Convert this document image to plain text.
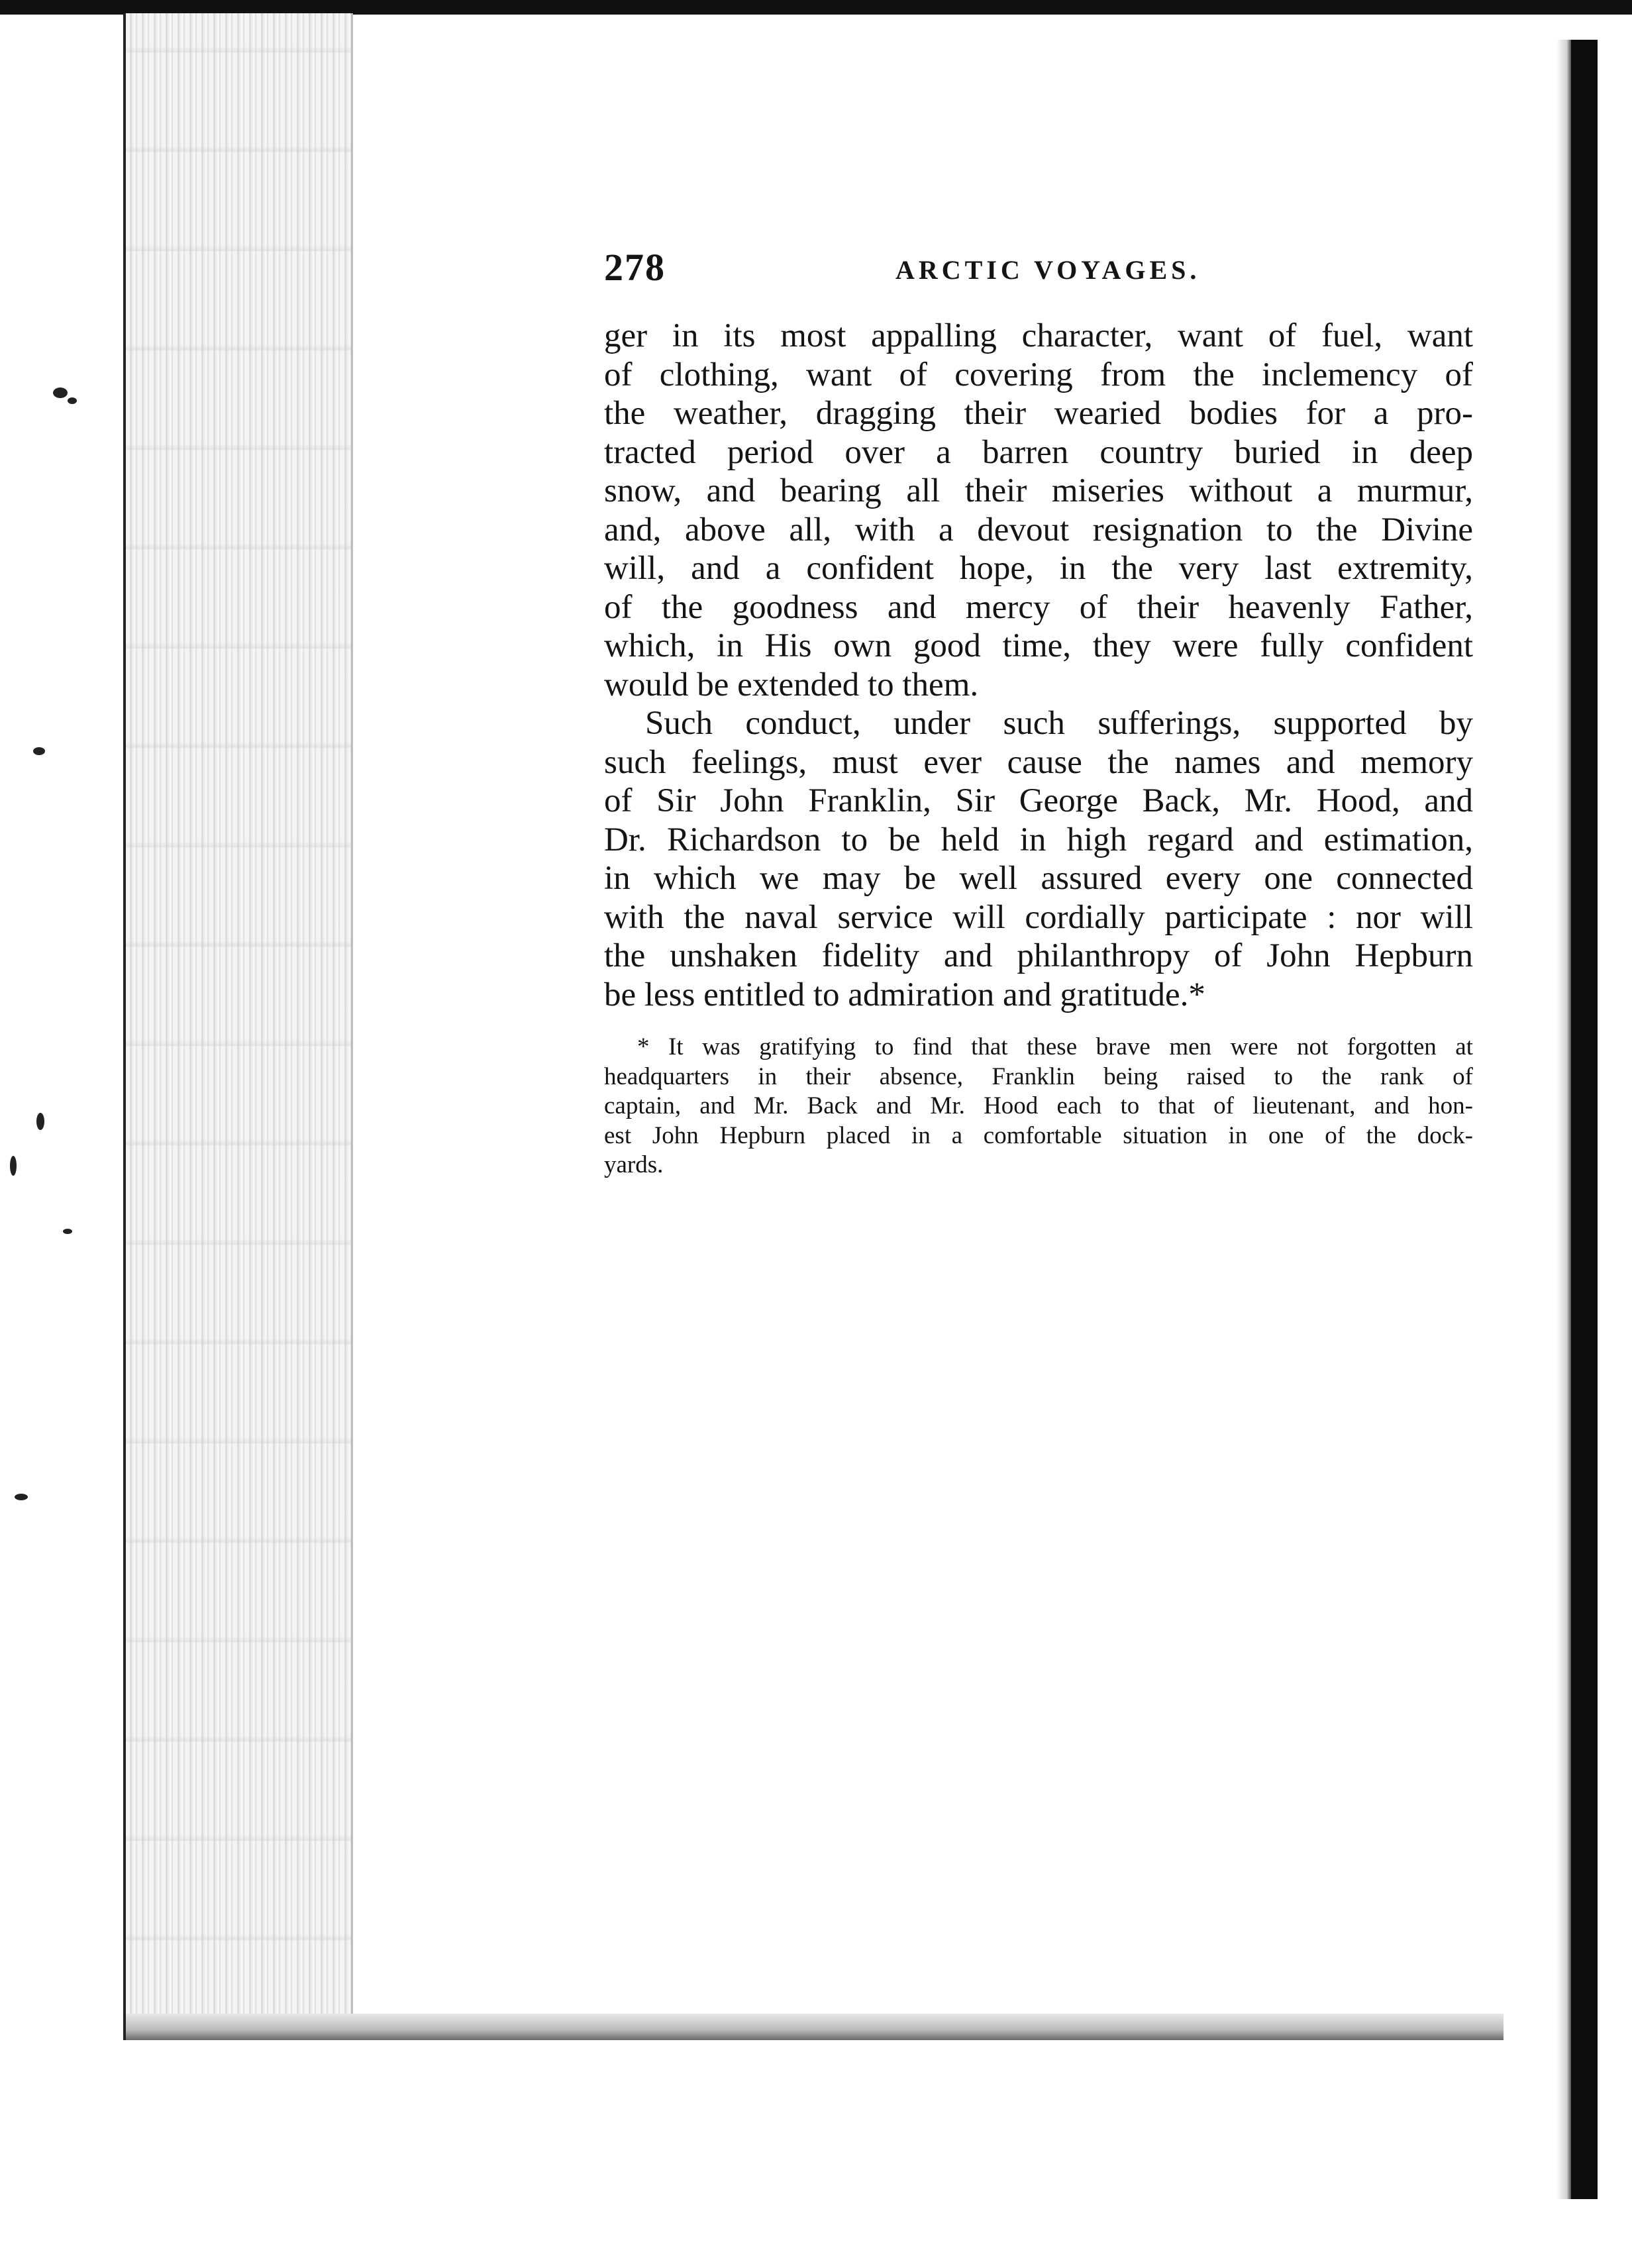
278	ARCTIC VOYAGES.
ger in its most appalling character, want of fuel, want
of clothing, want of covering from the inclemency of
the weather, dragging their wearied bodies for a pro-
tracted period over a barren country buried in deep
snow, and bearing all their miseries without a murmur,
and, above all, with a devout resignation to the Divine
will, and a confident hope, in the very last extremity,
of the goodness and mercy of their heavenly Father,
which, in His own good time, they were fully confident
would be extended to them.
Such conduct, under such sufferings, supported by
such feelings, must ever cause the names and memory
of Sir John Franklin, Sir George Back, Mr. Hood, and
Dr. Richardson to be held in high regard and estimation,
in which we may be well assured every one connected
with the naval service will cordially participate : nor will
the unshaken fidelity and philanthropy of John Hepburn
be less entitled to admiration and gratitude.*
* It was gratifying to find that these brave men were not forgotten at
headquarters in their absence, Franklin being raised to the rank of
captain, and Mr. Back and Mr. Hood each to that of lieutenant, and hon-
est John Hepburn placed in a comfortable situation in one of the dock-
yards.
